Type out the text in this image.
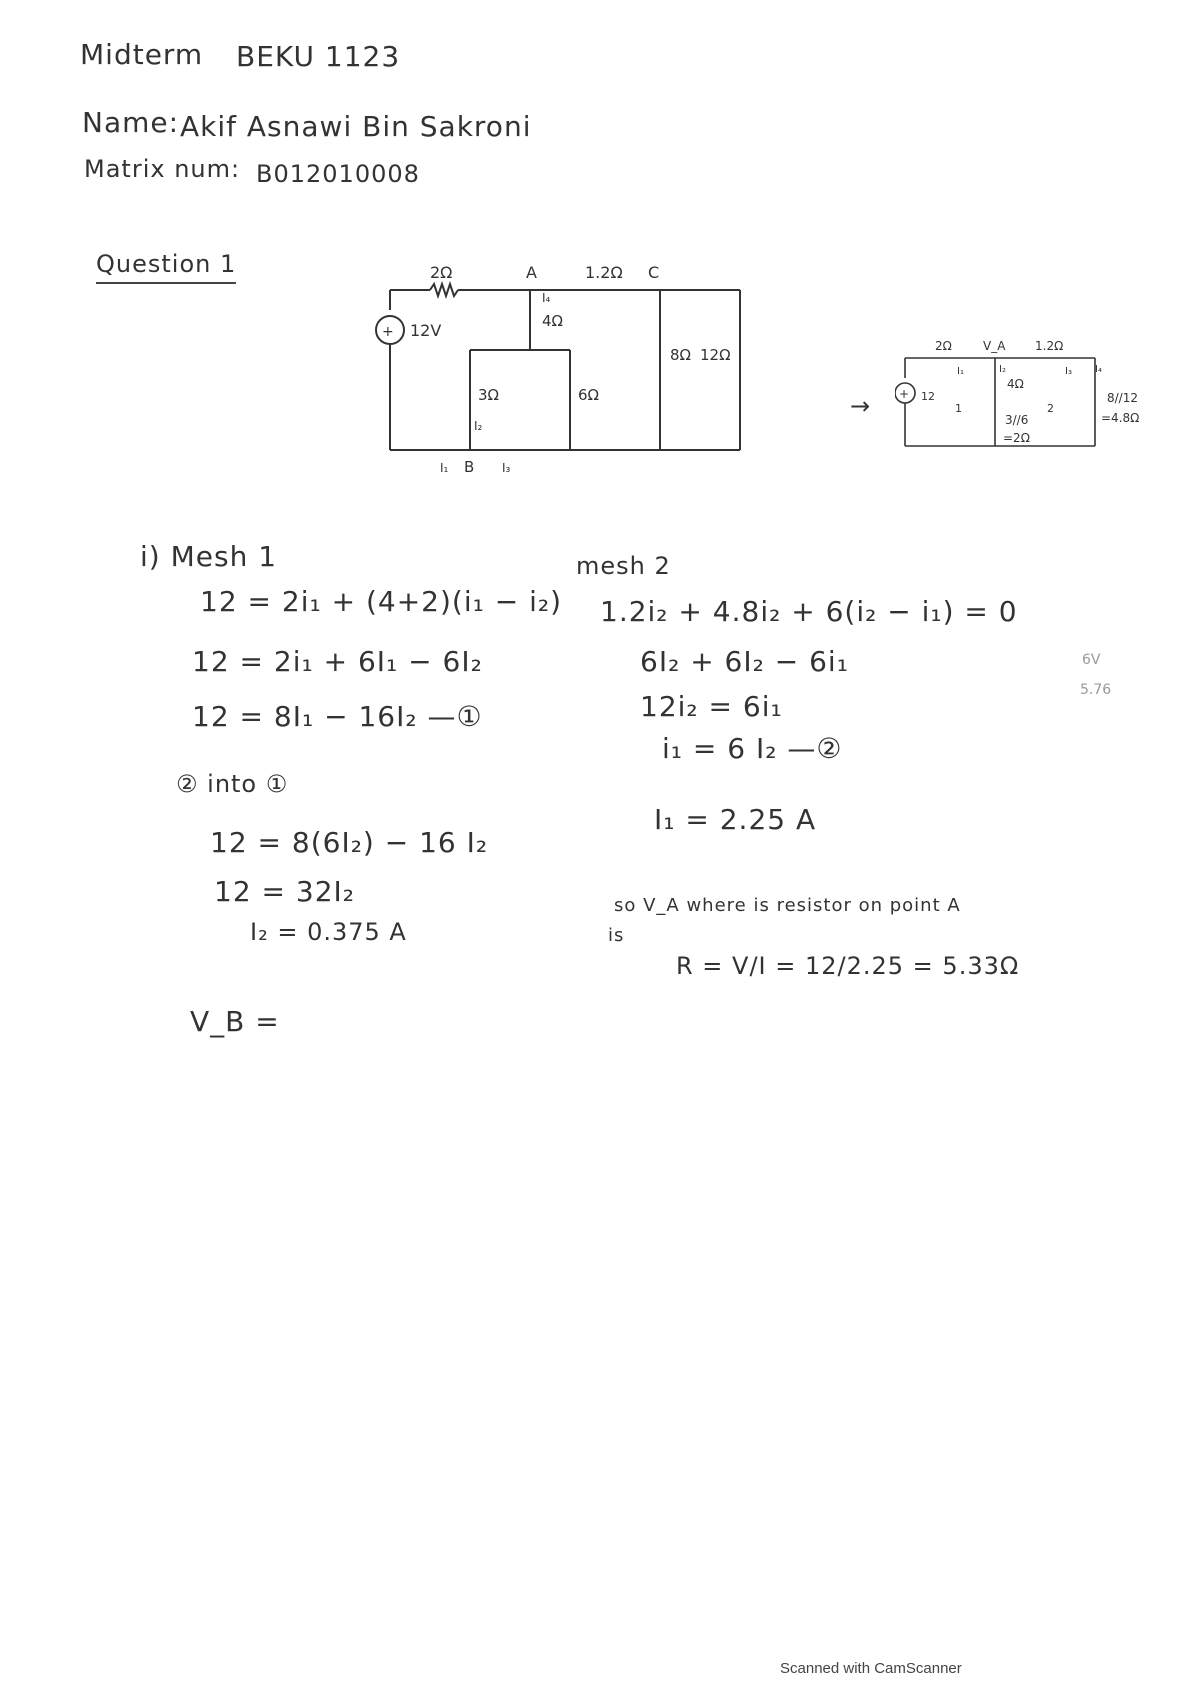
Midterm BEKU 1123
Name: Akif Asnawi Bin Sakroni
Matrix num: B012010008
Question 1
+ 12V
2Ω	A	1.2Ω C
4Ω
8Ω 12Ω
3Ω	6Ω
B
I₁
I₂
I₃
I₄
→ +
2Ω	V_A 1.2Ω
12
I₁	I₂
4Ω
I₃ I₄
3//6
=2Ω
8//12
=4.8Ω
1	2
i) Mesh 1
12 = 2i₁ + (4+2)(i₁ − i₂)
12 = 2i₁ + 6I₁ − 6I₂
12 = 8I₁ − 16I₂ —①
② into ①
12 = 8(6I₂) − 16 I₂
12 = 32I₂
I₂ = 0.375 A
V_B =
mesh 2
1.2i₂ + 4.8i₂ + 6(i₂ − i₁) = 0
6I₂ + 6I₂ − 6i₁
12i₂ = 6i₁
i₁ = 6 I₂ —②
I₁ = 2.25 A
so V_A where is resistor on point A
is
R = V/I = 12/2.25 = 5.33Ω
6V
5.76
Scanned with CamScanner
